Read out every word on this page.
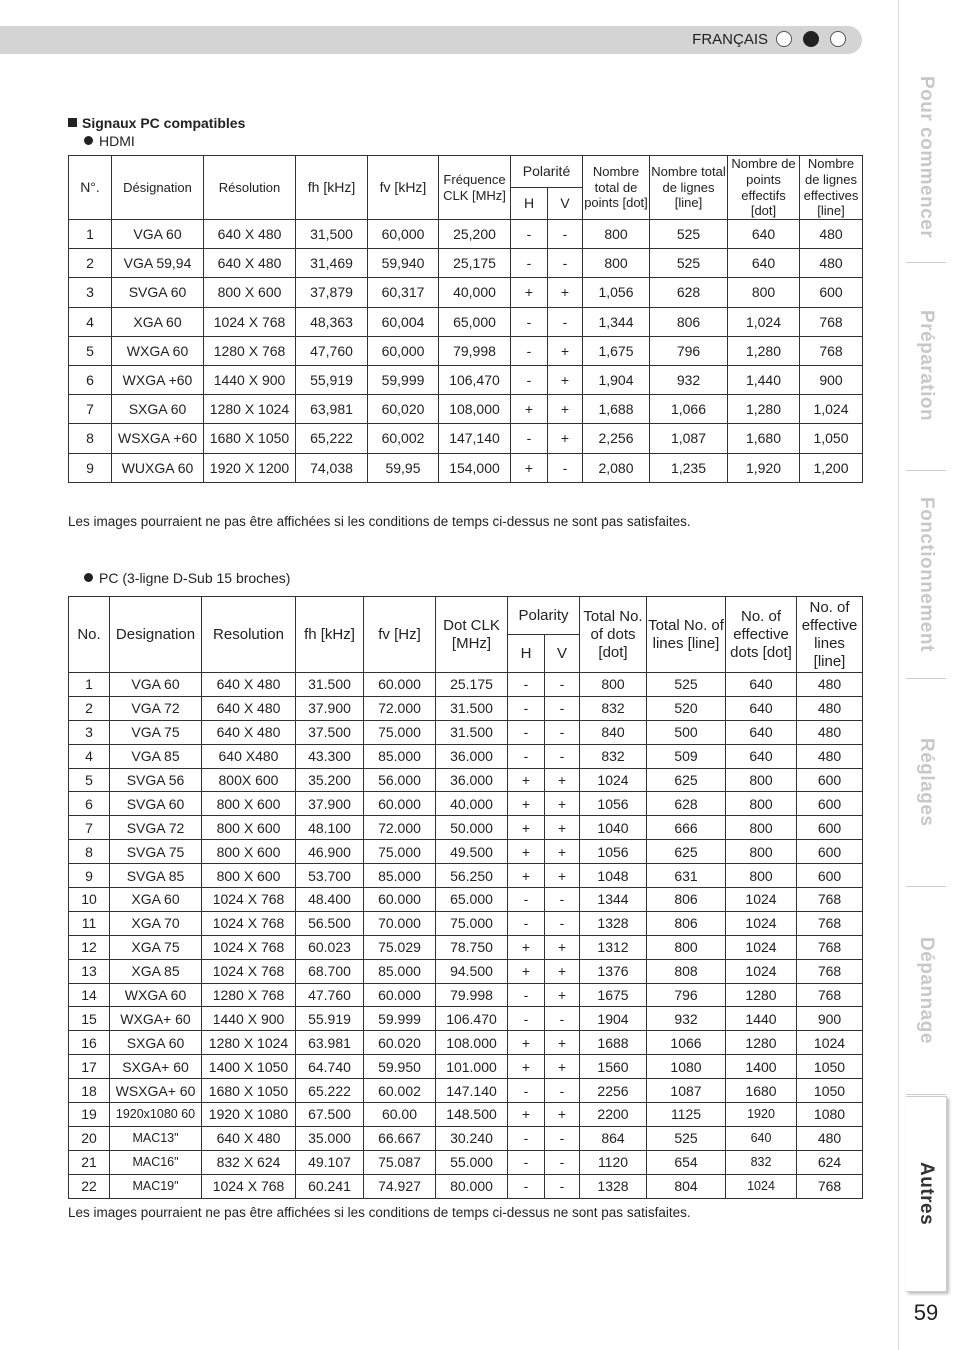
FRANÇAIS
Pour commencer
Préparation
Fonctionnement
Réglages
Dépannage
Autres
59
Signaux PC compatibles
HDMI
N°.	Désignation	Résolution	fh [kHz]	fv [kHz]	Fréquence CLK [MHz]	Polarité		Nombre total de points [dot]	Nombre total de lignes [line]	Nombre de points effectifs [dot]	Nombre de lignes effectives [line]
						H	V				
1	VGA 60	640 X 480	31,500	60,000	25,200	-	-	800	525	640	480
2	VGA 59,94	640 X 480	31,469	59,940	25,175	-	-	800	525	640	480
3	SVGA 60	800 X 600	37,879	60,317	40,000	+	+	1,056	628	800	600
4	XGA 60	1024 X 768	48,363	60,004	65,000	-	-	1,344	806	1,024	768
5	WXGA 60	1280 X 768	47,760	60,000	79,998	-	+	1,675	796	1,280	768
6	WXGA +60	1440 X 900	55,919	59,999	106,470	-	+	1,904	932	1,440	900
7	SXGA 60	1280 X 1024	63,981	60,020	108,000	+	+	1,688	1,066	1,280	1,024
8	WSXGA +60	1680 X 1050	65,222	60,002	147,140	-	+	2,256	1,087	1,680	1,050
9	WUXGA 60	1920 X 1200	74,038	59,95	154,000	+	-	2,080	1,235	1,920	1,200
Les images pourraient ne pas être affichées si les conditions de temps ci-dessus ne sont pas satisfaites.
PC (3-ligne D-Sub 15 broches)
No.	Designation	Resolution	fh [kHz]	fv [Hz]	Dot CLK [MHz]	Polarity		Total No. of dots [dot]	Total No. of lines [line]	No. of effective dots [dot]	No. of effective lines [line]
						H	V				
1	VGA 60	640 X 480	31.500	60.000	25.175	-	-	800	525	640	480
2	VGA 72	640 X 480	37.900	72.000	31.500	-	-	832	520	640	480
3	VGA 75	640 X 480	37.500	75.000	31.500	-	-	840	500	640	480
4	VGA 85	640 X480	43.300	85.000	36.000	-	-	832	509	640	480
5	SVGA 56	800X 600	35.200	56.000	36.000	+	+	1024	625	800	600
6	SVGA 60	800 X 600	37.900	60.000	40.000	+	+	1056	628	800	600
7	SVGA 72	800 X 600	48.100	72.000	50.000	+	+	1040	666	800	600
8	SVGA 75	800 X 600	46.900	75.000	49.500	+	+	1056	625	800	600
9	SVGA 85	800 X 600	53.700	85.000	56.250	+	+	1048	631	800	600
10	XGA 60	1024 X 768	48.400	60.000	65.000	-	-	1344	806	1024	768
11	XGA 70	1024 X 768	56.500	70.000	75.000	-	-	1328	806	1024	768
12	XGA 75	1024 X 768	60.023	75.029	78.750	+	+	1312	800	1024	768
13	XGA 85	1024 X 768	68.700	85.000	94.500	+	+	1376	808	1024	768
14	WXGA 60	1280 X 768	47.760	60.000	79.998	-	+	1675	796	1280	768
15	WXGA+ 60	1440 X 900	55.919	59.999	106.470	-	-	1904	932	1440	900
16	SXGA 60	1280 X 1024	63.981	60.020	108.000	+	+	1688	1066	1280	1024
17	SXGA+ 60	1400 X 1050	64.740	59.950	101.000	+	+	1560	1080	1400	1050
18	WSXGA+ 60	1680 X 1050	65.222	60.002	147.140	-	-	2256	1087	1680	1050
19	1920x1080 60	1920 X 1080	67.500	60.00	148.500	+	+	2200	1125	1920	1080
20	MAC13"	640 X 480	35.000	66.667	30.240	-	-	864	525	640	480
21	MAC16"	832 X 624	49.107	75.087	55.000	-	-	1120	654	832	624
22	MAC19"	1024 X 768	60.241	74.927	80.000	-	-	1328	804	1024	768
Les images pourraient ne pas être affichées si les conditions de temps ci-dessus ne sont pas satisfaites.
